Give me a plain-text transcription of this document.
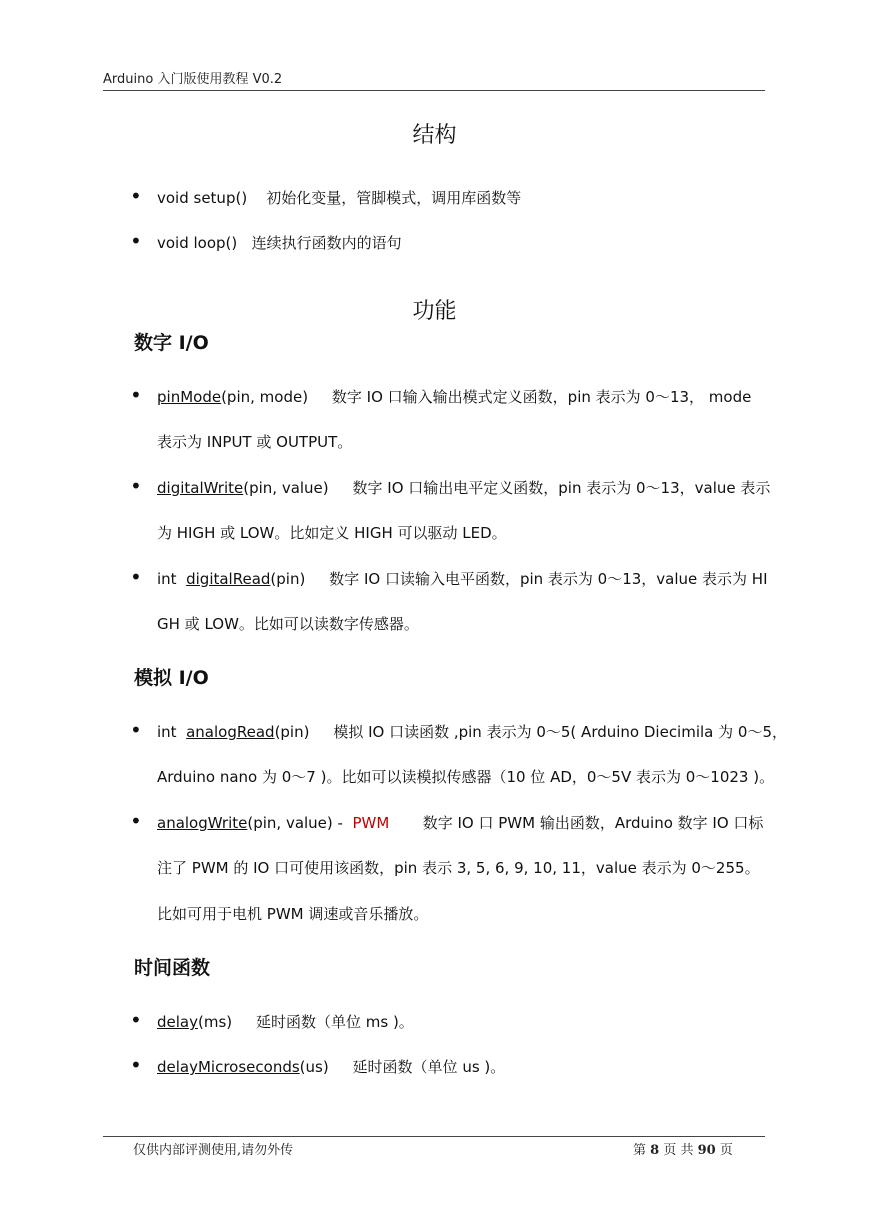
Arduino 入门版使用教程 V0.2
结构
• void setup() 初始化变量，管脚模式，调用库函数等
• void loop() 连续执行函数内的语句
功能
数字 I/O
• pinMode(pin, mode) 数字 IO 口输入输出模式定义函数，pin 表示为 0～13， mode
表示为 INPUT 或 OUTPUT。
• digitalWrite(pin, value) 数字 IO 口输出电平定义函数，pin 表示为 0～13，value 表示
为 HIGH 或 LOW。比如定义 HIGH 可以驱动 LED。
• int digitalRead(pin) 数字 IO 口读输入电平函数，pin 表示为 0～13，value 表示为 HI
GH 或 LOW。比如可以读数字传感器。
模拟 I/O
• int analogRead(pin) 模拟 IO 口读函数 ,pin 表示为 0～5( Arduino Diecimila 为 0～5，
Arduino nano 为 0～7 )。比如可以读模拟传感器（10 位 AD，0～5V 表示为 0～1023 )。
• analogWrite(pin, value) - PWM 数字 IO 口 PWM 输出函数，Arduino 数字 IO 口标
注了 PWM 的 IO 口可使用该函数，pin 表示 3, 5, 6, 9, 10, 11，value 表示为 0～255。
比如可用于电机 PWM 调速或音乐播放。
时间函数
• delay(ms) 延时函数（单位 ms )。
• delayMicroseconds(us) 延时函数（单位 us )。
仅供内部评测使用,请勿外传	第 8 页 共 90 页
